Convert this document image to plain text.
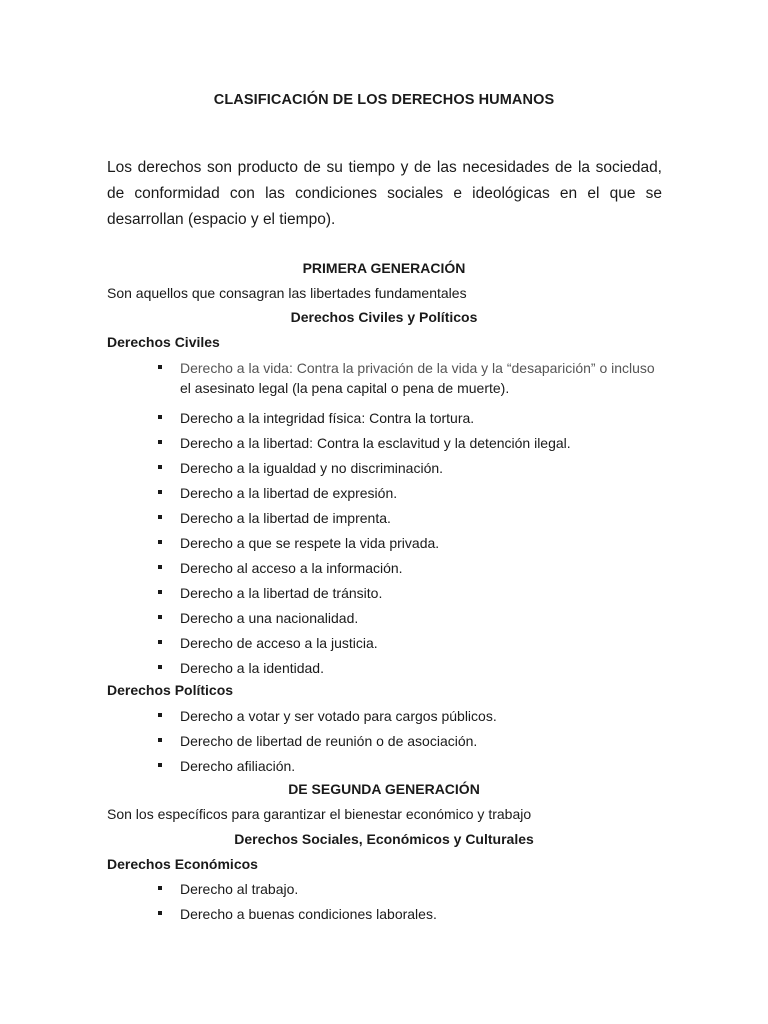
CLASIFICACIÓN DE LOS DERECHOS HUMANOS
Los derechos son producto de su tiempo y de las necesidades de la sociedad, de conformidad con las condiciones sociales e ideológicas en el que se desarrollan (espacio y el tiempo).
PRIMERA GENERACIÓN
Son aquellos que consagran las libertades fundamentales
Derechos Civiles y Políticos
Derechos Civiles
Derecho a la vida: Contra la privación de la vida y la “desaparición” o incluso
el asesinato legal (la pena capital o pena de muerte).
Derecho a la integridad física: Contra la tortura.
Derecho a la libertad: Contra la esclavitud y la detención ilegal.
Derecho a la igualdad y no discriminación.
Derecho a la libertad de expresión.
Derecho a la libertad de imprenta.
Derecho a que se respete la vida privada.
Derecho al acceso a la información.
Derecho a la libertad de tránsito.
Derecho a una nacionalidad.
Derecho de acceso a la justicia.
Derecho a la identidad.
Derechos Políticos
Derecho a votar y ser votado para cargos públicos.
Derecho de libertad de reunión o de asociación.
Derecho afiliación.
DE SEGUNDA GENERACIÓN
Son los específicos para garantizar el bienestar económico y trabajo
Derechos Sociales, Económicos y Culturales
Derechos Económicos
Derecho al trabajo.
Derecho a buenas condiciones laborales.
